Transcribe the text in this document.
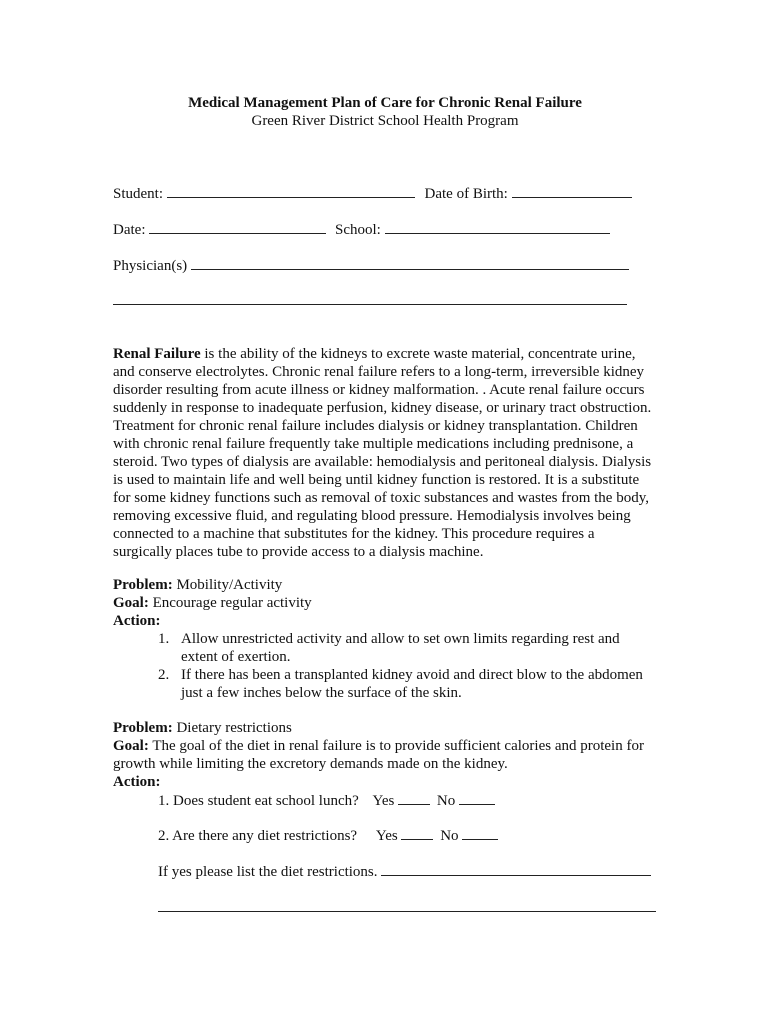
Medical Management Plan of Care for Chronic Renal Failure
Green River District School Health Program
Student:	Date of Birth:
Date:	School:
Physician(s)
Renal Failure is the ability of the kidneys to excrete waste material, concentrate urine,
and conserve electrolytes. Chronic renal failure refers to a long-term, irreversible kidney
disorder resulting from acute illness or kidney malformation. . Acute renal failure occurs
suddenly in response to inadequate perfusion, kidney disease, or urinary tract obstruction.
Treatment for chronic renal failure includes dialysis or kidney transplantation. Children
with chronic renal failure frequently take multiple medications including prednisone, a
steroid. Two types of dialysis are available: hemodialysis and peritoneal dialysis. Dialysis
is used to maintain life and well being until kidney function is restored. It is a substitute
for some kidney functions such as removal of toxic substances and wastes from the body,
removing excessive fluid, and regulating blood pressure. Hemodialysis involves being
connected to a machine that substitutes for the kidney. This procedure requires a
surgically places tube to provide access to a dialysis machine.
Problem: Mobility/Activity
Goal: Encourage regular activity
Action:
1. Allow unrestricted activity and allow to set own limits regarding rest and
extent of exertion.
2. If there has been a transplanted kidney avoid and direct blow to the abdomen
just a few inches below the surface of the skin.
Problem: Dietary restrictions
Goal: The goal of the diet in renal failure is to provide sufficient calories and protein for
growth while limiting the excretory demands made on the kidney.
Action:
1. Does student eat school lunch? Yes	No
2. Are there any diet restrictions? Yes	No
If yes please list the diet restrictions.
